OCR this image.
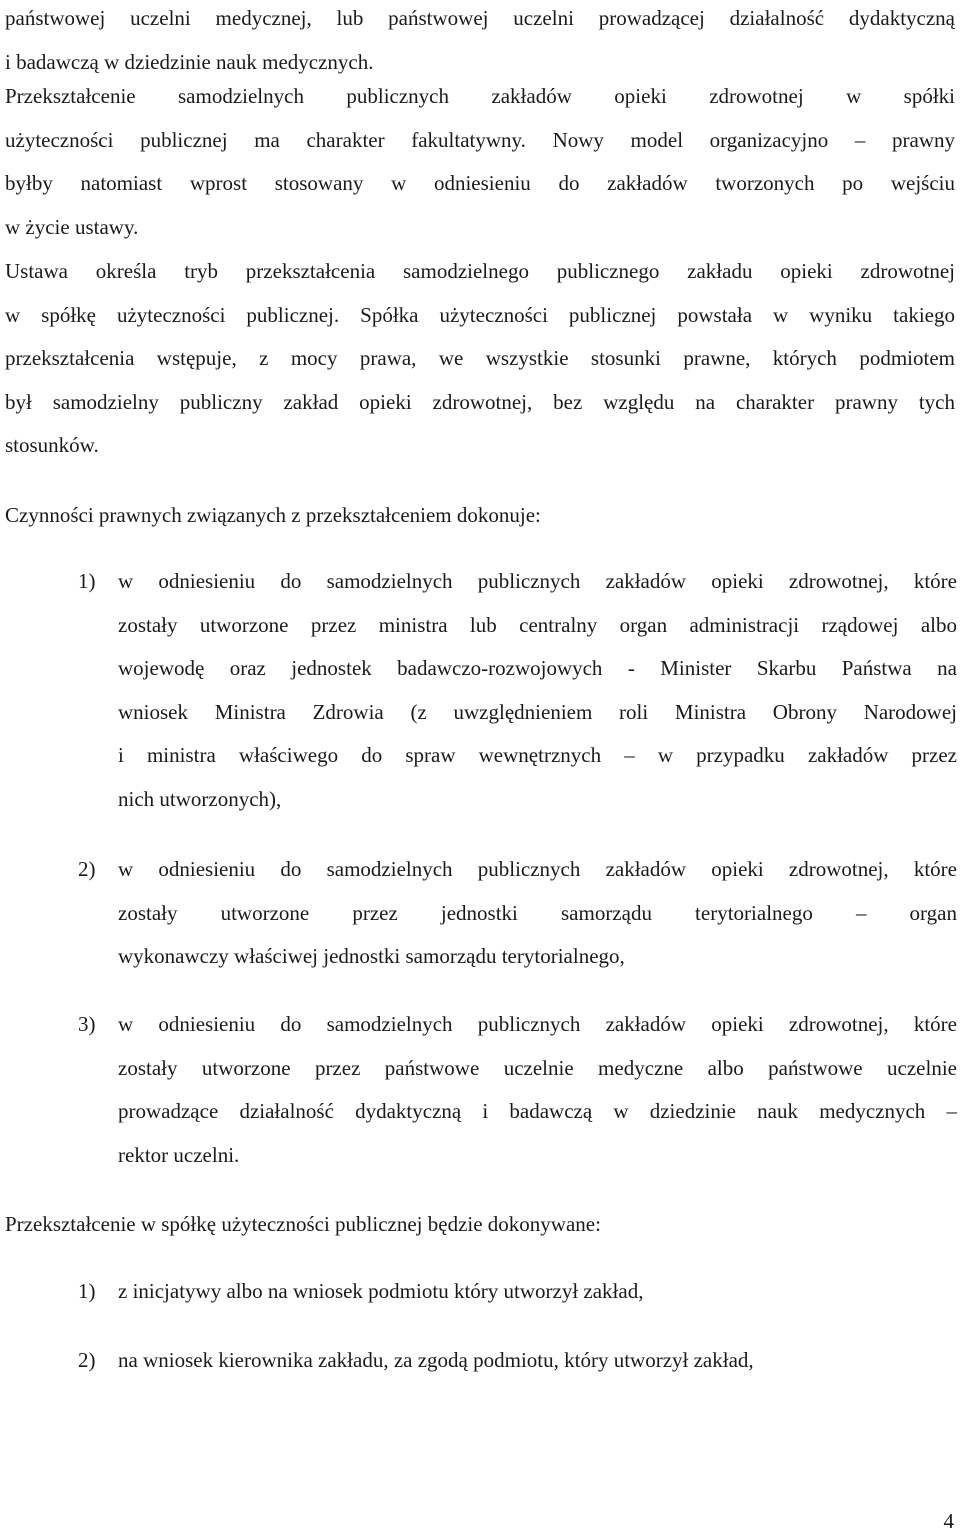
państwowej uczelni medycznej, lub państwowej uczelni prowadzącej działalność dydaktyczną
i badawczą w dziedzinie nauk medycznych.

Przekształcenie samodzielnych publicznych zakładów opieki zdrowotnej w spółki
użyteczności publicznej ma charakter fakultatywny. Nowy model organizacyjno – prawny
byłby natomiast wprost stosowany w odniesieniu do zakładów tworzonych po wejściu
w życie ustawy.

Ustawa określa tryb przekształcenia samodzielnego publicznego zakładu opieki zdrowotnej
w spółkę użyteczności publicznej. Spółka użyteczności publicznej powstała w wyniku takiego
przekształcenia wstępuje, z mocy prawa, we wszystkie stosunki prawne, których podmiotem
był samodzielny publiczny zakład opieki zdrowotnej, bez względu na charakter prawny tych
stosunków.

Czynności prawnych związanych z przekształceniem dokonuje:

1) w odniesieniu do samodzielnych publicznych zakładów opieki zdrowotnej, które
zostały utworzone przez ministra lub centralny organ administracji rządowej albo
wojewodę oraz jednostek badawczo-rozwojowych - Minister Skarbu Państwa na
wniosek Ministra Zdrowia (z uwzględnieniem roli Ministra Obrony Narodowej
i ministra właściwego do spraw wewnętrznych – w przypadku zakładów przez
nich utworzonych),

2) w odniesieniu do samodzielnych publicznych zakładów opieki zdrowotnej, które
zostały utworzone przez jednostki samorządu terytorialnego – organ
wykonawczy właściwej jednostki samorządu terytorialnego,

3) w odniesieniu do samodzielnych publicznych zakładów opieki zdrowotnej, które
zostały utworzone przez państwowe uczelnie medyczne albo państwowe uczelnie
prowadzące działalność dydaktyczną i badawczą w dziedzinie nauk medycznych –
rektor uczelni.

Przekształcenie w spółkę użyteczności publicznej będzie dokonywane:

1) z inicjatywy albo na wniosek podmiotu który utworzył zakład,

2) na wniosek kierownika zakładu, za zgodą podmiotu, który utworzył zakład,

4
